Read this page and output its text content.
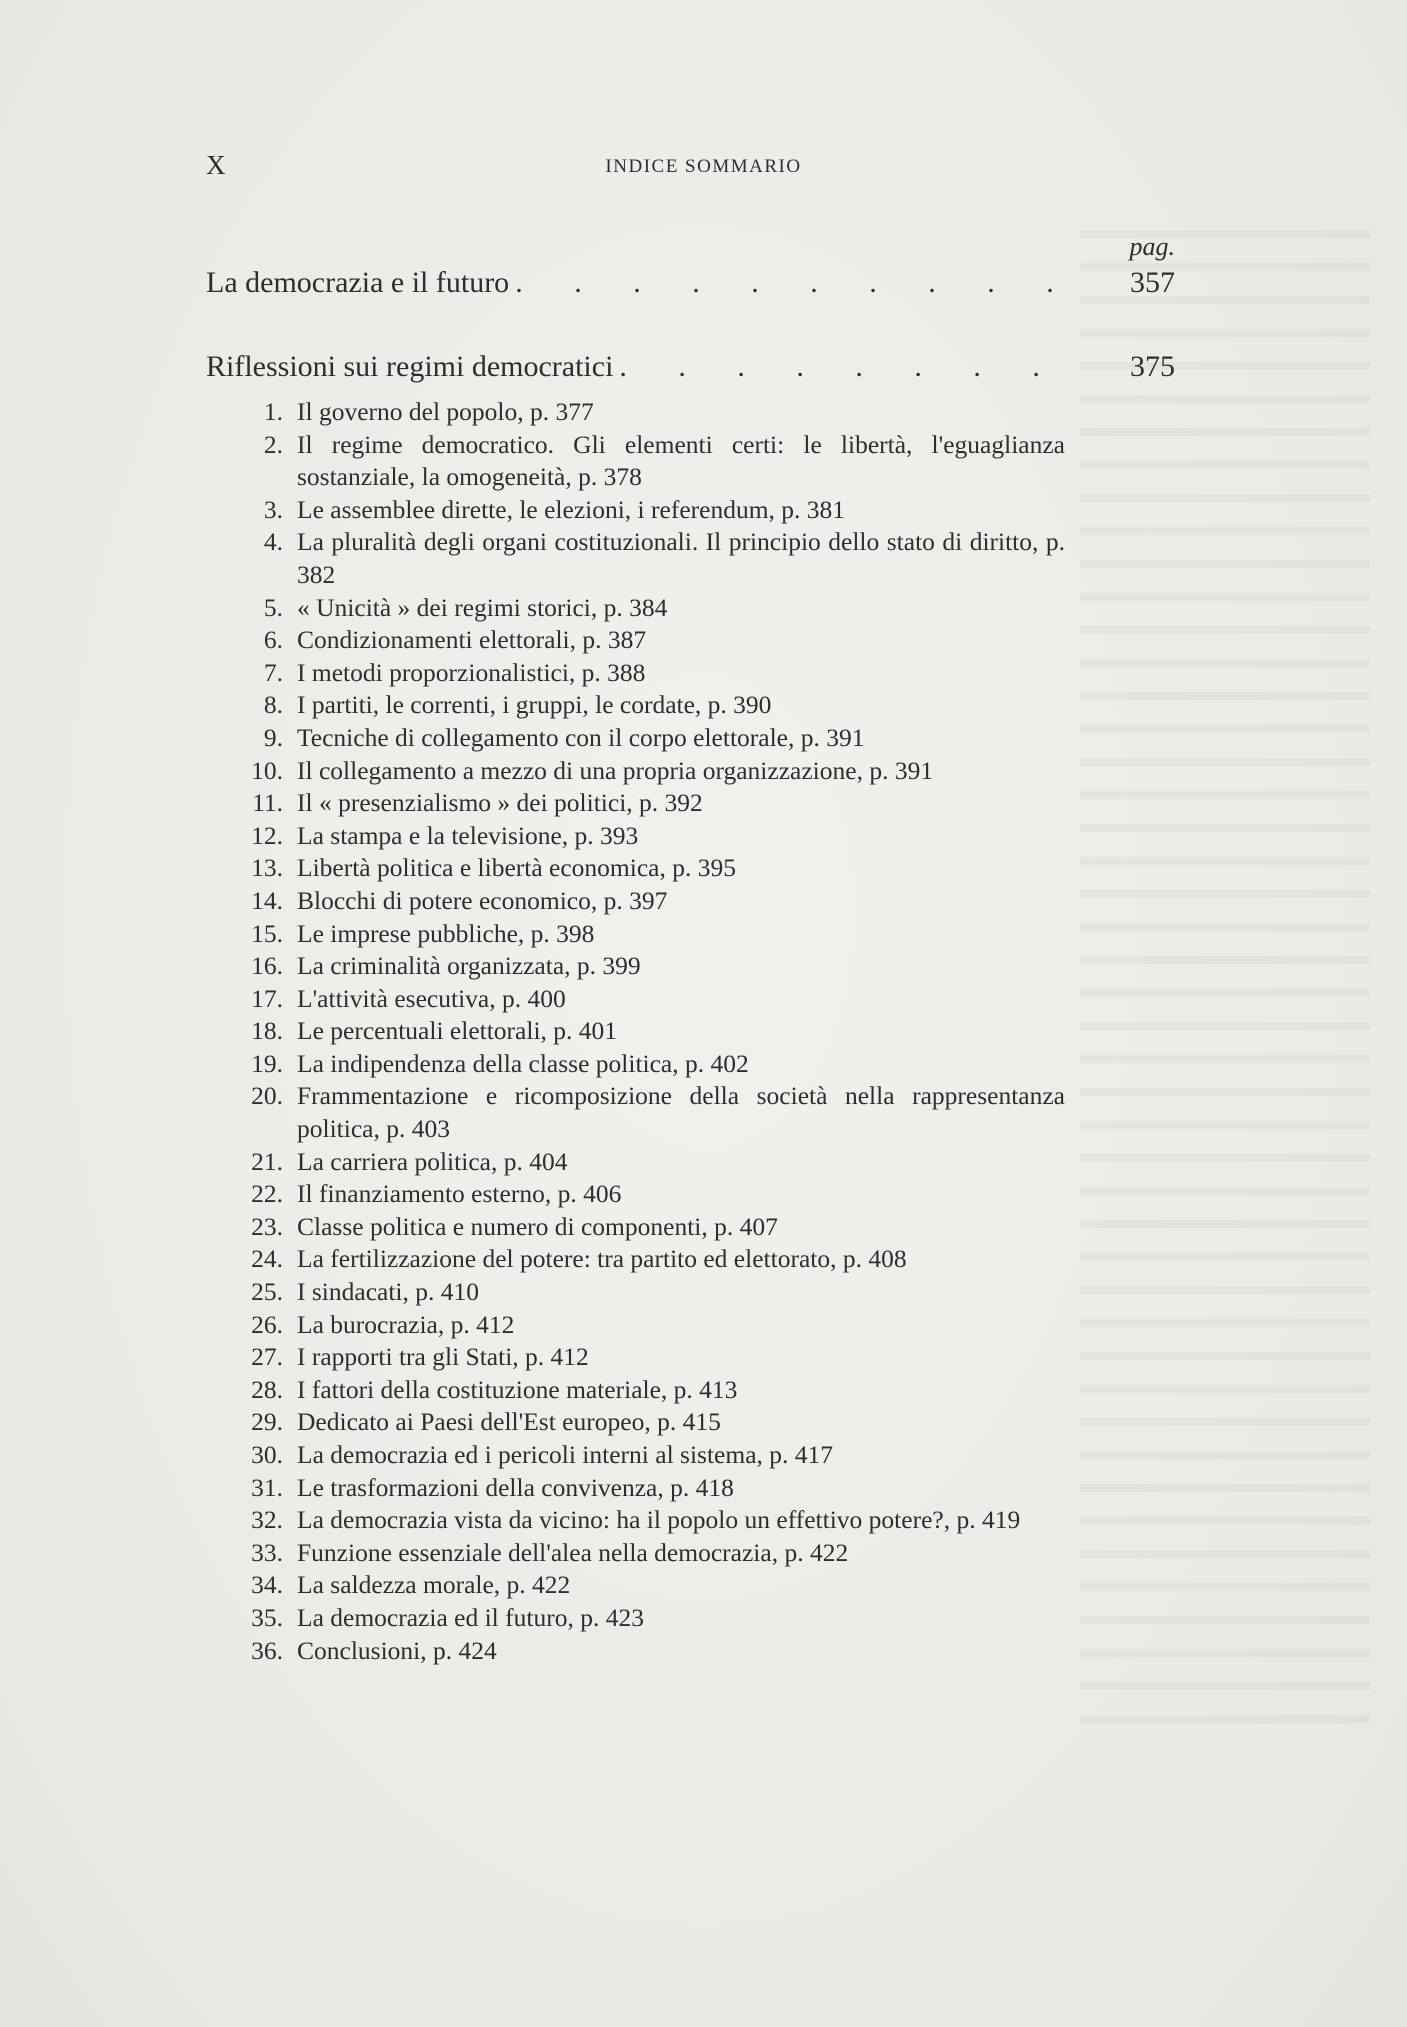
X	INDICE SOMMARIO
pag.
La democrazia e il futuro . . . . . . . . . .	357
Riflessioni sui regimi democratici . . . . . . . .	375
1. Il governo del popolo, p. 377
2. Il regime democratico. Gli elementi certi: le libertà, l'eguaglianza sostanziale, la omogeneità, p. 378
3. Le assemblee dirette, le elezioni, i referendum, p. 381
4. La pluralità degli organi costituzionali. Il principio dello stato di diritto, p. 382
5. « Unicità » dei regimi storici, p. 384
6. Condizionamenti elettorali, p. 387
7. I metodi proporzionalistici, p. 388
8. I partiti, le correnti, i gruppi, le cordate, p. 390
9. Tecniche di collegamento con il corpo elettorale, p. 391
10. Il collegamento a mezzo di una propria organizzazione, p. 391
11. Il « presenzialismo » dei politici, p. 392
12. La stampa e la televisione, p. 393
13. Libertà politica e libertà economica, p. 395
14. Blocchi di potere economico, p. 397
15. Le imprese pubbliche, p. 398
16. La criminalità organizzata, p. 399
17. L'attività esecutiva, p. 400
18. Le percentuali elettorali, p. 401
19. La indipendenza della classe politica, p. 402
20. Frammentazione e ricomposizione della società nella rappresentanza politica, p. 403
21. La carriera politica, p. 404
22. Il finanziamento esterno, p. 406
23. Classe politica e numero di componenti, p. 407
24. La fertilizzazione del potere: tra partito ed elettorato, p. 408
25. I sindacati, p. 410
26. La burocrazia, p. 412
27. I rapporti tra gli Stati, p. 412
28. I fattori della costituzione materiale, p. 413
29. Dedicato ai Paesi dell'Est europeo, p. 415
30. La democrazia ed i pericoli interni al sistema, p. 417
31. Le trasformazioni della convivenza, p. 418
32. La democrazia vista da vicino: ha il popolo un effettivo potere?, p. 419
33. Funzione essenziale dell'alea nella democrazia, p. 422
34. La saldezza morale, p. 422
35. La democrazia ed il futuro, p. 423
36. Conclusioni, p. 424
